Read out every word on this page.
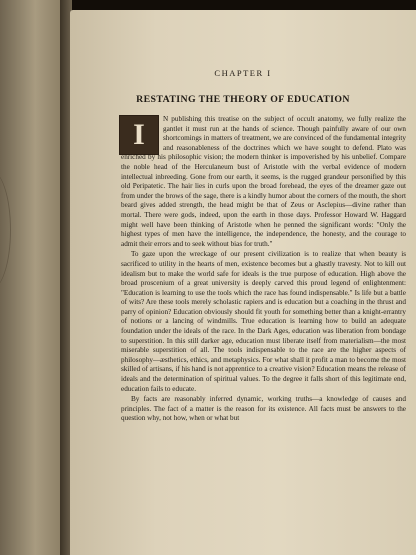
CHAPTER I
RESTATING THE THEORY OF EDUCATION
I	N publishing this treatise on the subject of occult anatomy, we fully realize the gantlet it must run at the hands of science. Though painfully aware of our own shortcomings in matters of treatment, we are convinced of the fundamental integrity and reasonableness of the doctrines which we have sought to defend. Plato was enriched by his philosophic vision; the modern thinker is impoverished by his unbelief. Compare the noble head of the Herculaneum bust of Aristotle with the verbal evidence of modern intellectual inbreeding. Gone from our earth, it seems, is the rugged grandeur personified by this old Peripatetic. The hair lies in curls upon the broad forehead, the eyes of the dreamer gaze out from under the brows of the sage, there is a kindly humor about the corners of the mouth, the short beard gives added strength, the head might be that of Zeus or Asclepius—divine rather than mortal. There were gods, indeed, upon the earth in those days. Professor Howard W. Haggard might well have been thinking of Aristotle when he penned the significant words: "Only the highest types of men have the intelligence, the independence, the honesty, and the courage to admit their errors and to seek without bias for truth."

To gaze upon the wreckage of our present civilization is to realize that when beauty is sacrificed to utility in the hearts of men, existence becomes but a ghastly travesty. Not to kill out idealism but to make the world safe for ideals is the true purpose of education. High above the broad proscenium of a great university is deeply carved this proud legend of enlightenment: "Education is learning to use the tools which the race has found indispensable." Is life but a battle of wits? Are these tools merely scholastic rapiers and is education but a coaching in the thrust and parry of opinion? Education obviously should fit youth for something better than a knight-errantry of notions or a lancing of windmills. True education is learning how to build an adequate foundation under the ideals of the race. In the Dark Ages, education was liberation from bondage to superstition. In this still darker age, education must liberate itself from materialism—the most miserable superstition of all. The tools indispensable to the race are the higher aspects of philosophy—æsthetics, ethics, and metaphysics. For what shall it profit a man to become the most skilled of artisans, if his hand is not apprentice to a creative vision? Education means the release of ideals and the determination of spiritual values. To the degree it falls short of this legitimate end, education fails to educate.

By facts are reasonably inferred dynamic, working truths—a knowledge of causes and principles. The fact of a matter is the reason for its existence. All facts must be answers to the question why, not how, when or what but
